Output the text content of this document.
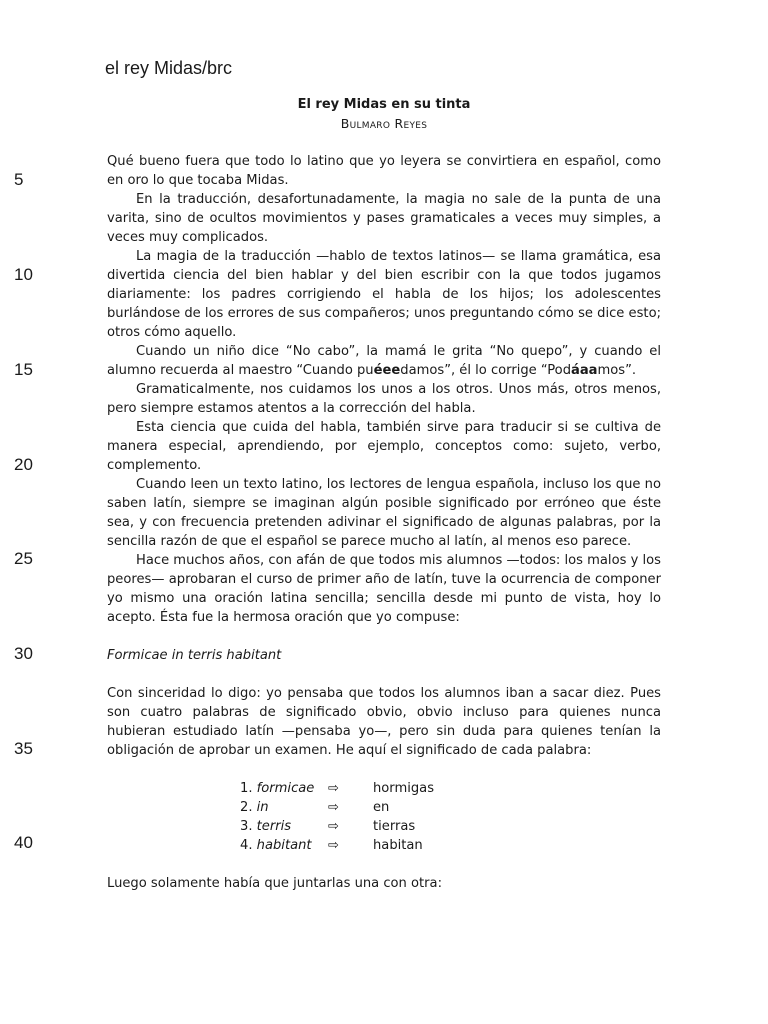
el rey Midas/brc
5
10
15
20
25
30
35
40
El rey Midas en su tinta
Bulmaro Reyes

Qué bueno fuera que todo lo latino que yo leyera se convirtiera en español, como en oro lo que tocaba Midas.

En la traducción, desafortunadamente, la magia no sale de la punta de una varita, sino de ocultos movimientos y pases gramaticales a veces muy simples, a veces muy complicados.

La magia de la traducción —hablo de textos latinos— se llama gramática, esa divertida ciencia del bien hablar y del bien escribir con la que todos jugamos diariamente: los padres corrigiendo el habla de los hijos; los adolescentes burlándose de los errores de sus compañeros; unos preguntando cómo se dice esto; otros cómo aquello.

Cuando un niño dice “No cabo”, la mamá le grita “No quepo”, y cuando el alumno recuerda al maestro “Cuando puéeedamos”, él lo corrige “Podáaamos”.

Gramaticalmente, nos cuidamos los unos a los otros. Unos más, otros menos, pero siempre estamos atentos a la corrección del habla.

Esta ciencia que cuida del habla, también sirve para traducir si se cultiva de manera especial, aprendiendo, por ejemplo, conceptos como: sujeto, verbo, complemento.

Cuando leen un texto latino, los lectores de lengua española, incluso los que no saben latín, siempre se imaginan algún posible significado por erróneo que éste sea, y con frecuencia pretenden adivinar el significado de algunas palabras, por la sencilla razón de que el español se parece mucho al latín, al menos eso parece.

Hace muchos años, con afán de que todos mis alumnos —todos: los malos y los peores— aprobaran el curso de primer año de latín, tuve la ocurrencia de componer yo mismo una oración latina sencilla; sencilla desde mi punto de vista, hoy lo acepto. Ésta fue la hermosa oración que yo compuse:

Formicae in terris habitant

Con sinceridad lo digo: yo pensaba que todos los alumnos iban a sacar diez. Pues son cuatro palabras de significado obvio, obvio incluso para quienes nunca hubieran estudiado latín —pensaba yo—, pero sin duda para quienes tenían la obligación de aprobar un examen. He aquí el significado de cada palabra:

1. formicae ⇨	hormigas
2. in	⇨	en
3. terris	⇨	tierras
4. habitant ⇨	habitan

Luego solamente había que juntarlas una con otra:
